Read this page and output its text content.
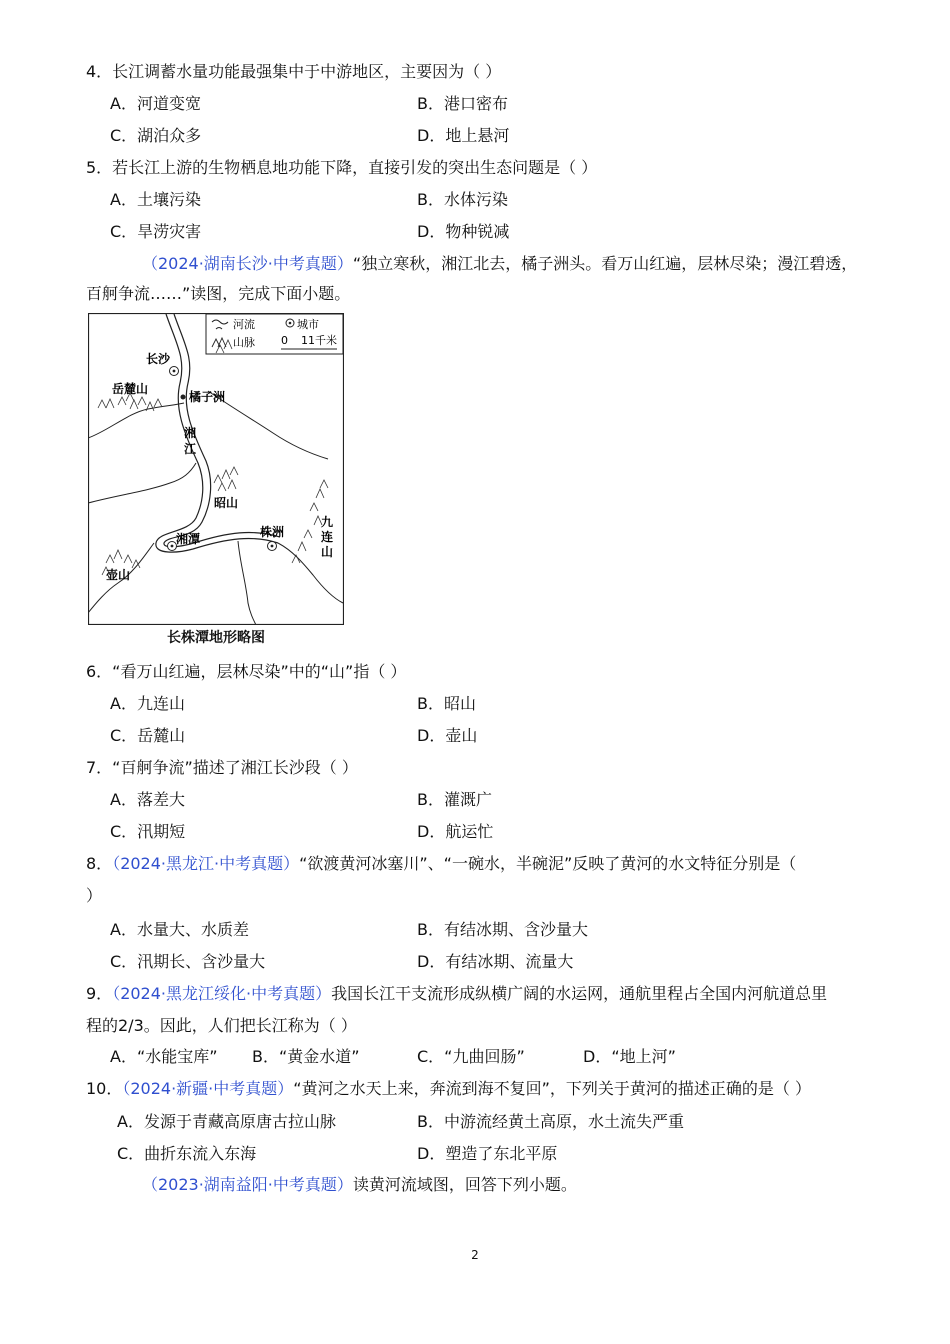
4．长江调蓄水量功能最强集中于中游地区，主要因为（ ）
A．河道变宽	B．港口密布
C．湖泊众多	D．地上悬河
5．若长江上游的生物栖息地功能下降，直接引发的突出生态问题是（ ）
A．土壤污染	B．水体污染
C．旱涝灾害	D．物种锐减
（2024·湖南长沙·中考真题）“独立寒秋，湘江北去，橘子洲头。看万山红遍，层林尽染；漫江碧透，
百舸争流……”读图，完成下面小题。
河流	城市
山脉 0 11千米
长沙
岳麓山
橘子洲
湘
江
昭山
株洲
湘潭
九
连
山
壶山
长株潭地形略图
6．“看万山红遍，层林尽染”中的“山”指（ ）
A．九连山	B．昭山
C．岳麓山	D．壶山
7．“百舸争流”描述了湘江长沙段（ ）
A．落差大	B．灌溉广
C．汛期短	D．航运忙
8．（2024·黑龙江·中考真题）“欲渡黄河冰塞川”、“一碗水，半碗泥”反映了黄河的水文特征分别是（
）
A．水量大、水质差	B．有结冰期、含沙量大
C．汛期长、含沙量大	D．有结冰期、流量大
9．（2024·黑龙江绥化·中考真题）我国长江干支流形成纵横广阔的水运网，通航里程占全国内河航道总里
程的2/3。因此，人们把长江称为（ ）
A．“水能宝库” B．“黄金水道”	C．“九曲回肠”	D．“地上河”
10．（2024·新疆·中考真题）“黄河之水天上来，奔流到海不复回”，下列关于黄河的描述正确的是（ ）
A．发源于青藏高原唐古拉山脉	B．中游流经黄土高原，水土流失严重
C．曲折东流入东海	D．塑造了东北平原
（2023·湖南益阳·中考真题）读黄河流域图，回答下列小题。
2
